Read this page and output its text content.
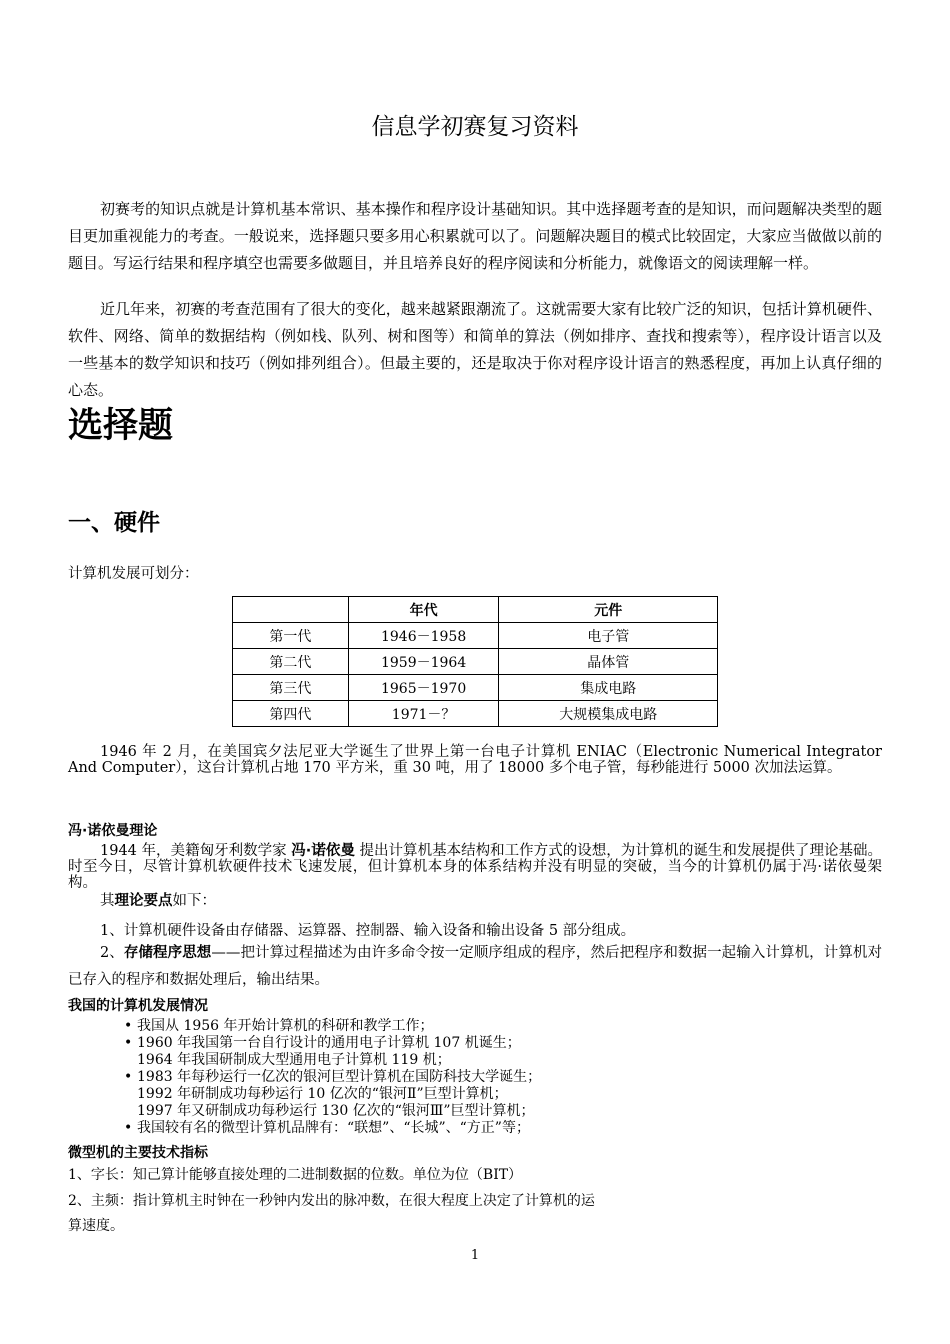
信息学初赛复习资料

初赛考的知识点就是计算机基本常识、基本操作和程序设计基础知识。其中选择题考查的是知识，而问题解决类型的题目更加重视能力的考查。一般说来，选择题只要多用心积累就可以了。问题解决题目的模式比较固定，大家应当做做以前的题目。写运行结果和程序填空也需要多做题目，并且培养良好的程序阅读和分析能力，就像语文的阅读理解一样。

近几年来，初赛的考查范围有了很大的变化，越来越紧跟潮流了。这就需要大家有比较广泛的知识，包括计算机硬件、软件、网络、简单的数据结构（例如栈、队列、树和图等）和简单的算法（例如排序、查找和搜索等），程序设计语言以及一些基本的数学知识和技巧（例如排列组合）。但最主要的，还是取决于你对程序设计语言的熟悉程度，再加上认真仔细的心态。

选择题
一、硬件

计算机发展可划分：

	年代	元件
第一代	1946－1958	电子管
第二代	1959－1964	晶体管
第三代	1965－1970	集成电路
第四代	1971－？	大规模集成电路

1946 年 2 月，在美国宾夕法尼亚大学诞生了世界上第一台电子计算机 ENIAC（Electronic Numerical Integrator And Computer），这台计算机占地 170 平方米，重 30 吨，用了 18000 多个电子管，每秒能进行 5000 次加法运算。

冯·诺依曼理论

1944 年，美籍匈牙利数学家 冯·诺依曼 提出计算机基本结构和工作方式的设想，为计算机的诞生和发展提供了理论基础。时至今日，尽管计算机软硬件技术飞速发展，但计算机本身的体系结构并没有明显的突破，当今的计算机仍属于冯·诺依曼架构。

其理论要点如下：

1、计算机硬件设备由存储器、运算器、控制器、输入设备和输出设备 5 部分组成。

2、存储程序思想——把计算过程描述为由许多命令按一定顺序组成的程序，然后把程序和数据一起输入计算机，计算机对已存入的程序和数据处理后，输出结果。

我国的计算机发展情况
• 我国从 1956 年开始计算机的科研和教学工作；
• 1960 年我国第一台自行设计的通用电子计算机 107 机诞生；
1964 年我国研制成大型通用电子计算机 119 机；
• 1983 年每秒运行一亿次的银河巨型计算机在国防科技大学诞生；
1992 年研制成功每秒运行 10 亿次的“银河Ⅱ”巨型计算机；
1997 年又研制成功每秒运行 130 亿次的“银河Ⅲ”巨型计算机；
• 我国较有名的微型计算机品牌有：“联想”、“长城”、“方正”等；
微型机的主要技术指标

1、字长：知己算计能够直接处理的二进制数据的位数。单位为位（BIT）

2、主频：指计算机主时钟在一秒钟内发出的脉冲数，在很大程度上决定了计算机的运

算速度。

1
